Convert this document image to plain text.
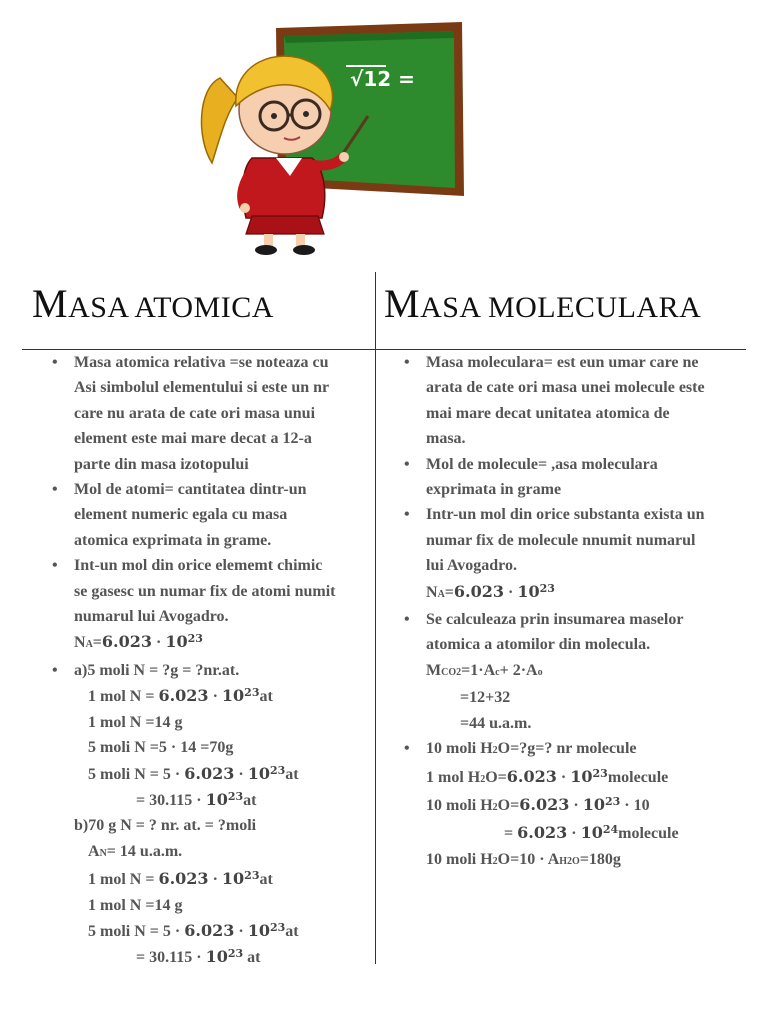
√12 =
MASA ATOMICA	MASA MOLECULARA
• Masa atomica relativa =se noteaza cu
Asi simbolul elementului si este un nr
care nu arata de cate ori masa unui
element este mai mare decat a 12-a
parte din masa izotopului
• Mol de atomi= cantitatea dintr-un
element numeric egala cu masa
atomica exprimata in grame.
• Int-un mol din orice elememt chimic
se gasesc un numar fix de atomi numit
numarul lui Avogadro.
$NA=6.023 \cdot 10^{23}$
• a)5 moli N = ?g = ?nr.at.
1 mol $N = 6.023 \cdot 10^{23}at$
1 mol N =14 g
5 moli N =5 · 14 =70g
5 moli $N = 5 \cdot 6.023 \cdot 10^{23}at$
= $30.115 \cdot 10^{23}at$
b)70 g N = ? nr. at. = ?moli
AN= 14 u.a.m.
1 mol $N = 6.023 \cdot 10^{23}at$
1 mol N =14 g
5 moli $N = 5 \cdot 6.023 \cdot 10^{23}at$
= $30.115 \cdot 10^{23}$ at
• Masa moleculara= est eun umar care ne
arata de cate ori masa unei molecule este
mai mare decat unitatea atomica de
masa.
• Mol de molecule= ,asa moleculara
exprimata in grame
• Intr-un mol din orice substanta exista un
numar fix de molecule nnumit numarul
lui Avogadro.
$NA=6.023 \cdot 10^{23}$
• Se calculeaza prin insumarea maselor
atomica a atomilor din molecula.
MCO2=1·Ac+ 2·Ao
=12+32
=44 u.a.m.
• 10 moli H2O=?g=? nr molecule
1 mol $H2O=6.023 \cdot 10^{23}molecule$
10 moli $H2O=6.023 \cdot 10^{23} \cdot 10$
= $6.023 \cdot 10^{24}molecule$
10 moli H2O=10 · AH2O=180g
